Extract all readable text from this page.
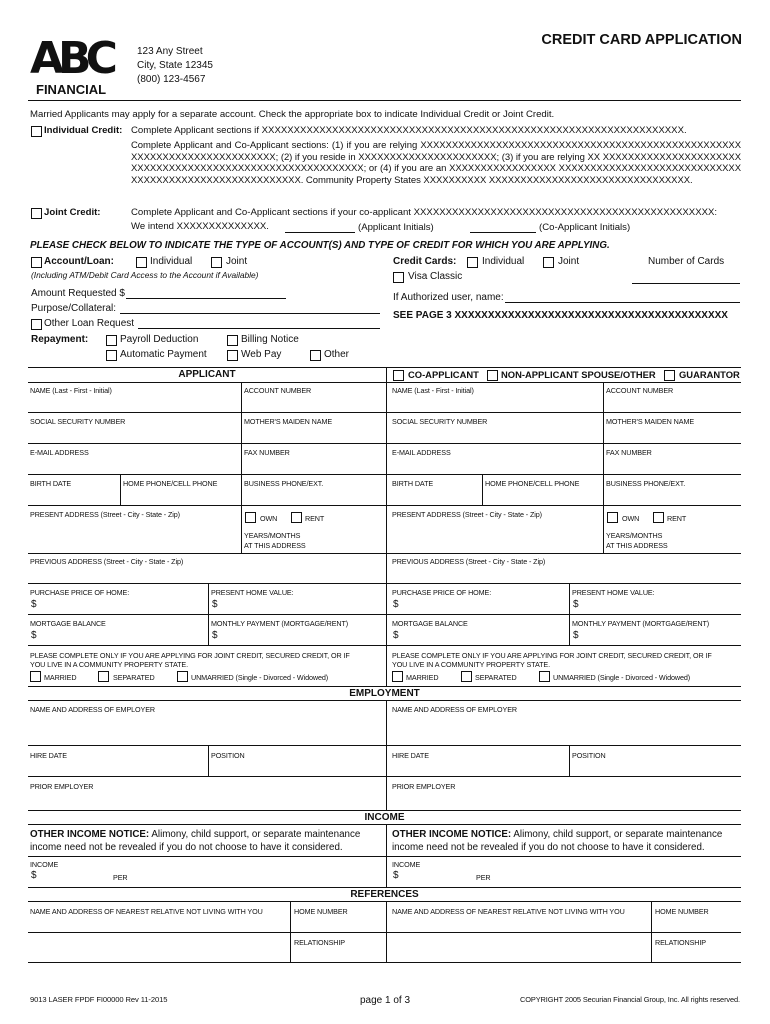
ABC
FINANCIAL
123 Any Street
City, State 12345
(800) 123-4567
CREDIT CARD APPLICATION
Married Applicants may apply for a separate account. Check the appropriate box to indicate Individual Credit or Joint Credit.
Individual Credit: Complete Applicant sections if XXXXXXXXXXXXXXXXXXXXXXXXXXXXXXXXXXXXXXXXXXXXXXXXXXXXXXXXXXXXXXXXXX.
Complete Applicant and Co-Applicant sections: (1) if you are relying XXXXXXXXXXXXXXXXXXXXXXXXXXXXXXXXXXXXXXXXXXXXXXXXXXXXXXXXXXXXXXXXXXXXXXXXXX; (2) if you reside in XXXXXXXXXXXXXXXXXXXXXX; (3) if you are relying XX XXXXXXXXXXXXXXXXXXXXXXXXXXXXXXXXXXXXXXXXXXXXXXXXXXXXXXXXXXX; or (4) if you are an XXXXXXXXXXXXXXXXX XXXXXXXXXXXXXXXXXXXXXXXXXXXXXXXXXXXXXXXXXXXXXXXXXXXXXXXX. Community Property States XXXXXXXXXX XXXXXXXXXXXXXXXXXXXXXXXXXXXXXXXX.
Joint Credit:	Complete Applicant and Co-Applicant sections if your co-applicant XXXXXXXXXXXXXXXXXXXXXXXXXXXXXXXXXXXXXXXXXXXXXXX:
We intend XXXXXXXXXXXXXX.	(Applicant Initials)	(Co-Applicant Initials)
PLEASE CHECK BELOW TO INDICATE THE TYPE OF ACCOUNT(S) AND TYPE OF CREDIT FOR WHICH YOU ARE APPLYING.
Account/Loan:	Individual	Joint
(Including ATM/Debit Card Access to the Account if Available)
Credit Cards:	Individual	Joint	Number of Cards
Visa Classic
Amount Requested $
Purpose/Collateral:
Other Loan Request
If Authorized user, name:
SEE PAGE 3 XXXXXXXXXXXXXXXXXXXXXXXXXXXXXXXXXXXXXXXXX
Repayment:	Payroll Deduction	Billing Notice
Automatic Payment	Web Pay	Other
APPLICANT	CO-APPLICANT NON-APPLICANT SPOUSE/OTHER GUARANTOR
NAME (Last - First - Initial)	ACCOUNT NUMBER
SOCIAL SECURITY NUMBER	MOTHER'S MAIDEN NAME
E-MAIL ADDRESS	FAX NUMBER
BIRTH DATE	HOME PHONE/CELL PHONE	BUSINESS PHONE/EXT.
PRESENT ADDRESS (Street - City - State - Zip)	OWN	RENT
YEARS/MONTHS
AT THIS ADDRESS
PREVIOUS ADDRESS (Street - City - State - Zip)
PURCHASE PRICE OF HOME:
$
PRESENT HOME VALUE:
$
MORTGAGE BALANCE
$
MONTHLY PAYMENT (MORTGAGE/RENT)
$
PLEASE COMPLETE ONLY IF YOU ARE APPLYING FOR JOINT CREDIT, SECURED CREDIT, OR IF
YOU LIVE IN A COMMUNITY PROPERTY STATE.
MARRIED	SEPARATED	UNMARRIED (Single - Divorced - Widowed)
NAME (Last - First - Initial)	ACCOUNT NUMBER
SOCIAL SECURITY NUMBER	MOTHER'S MAIDEN NAME
E-MAIL ADDRESS	FAX NUMBER
BIRTH DATE	HOME PHONE/CELL PHONE	BUSINESS PHONE/EXT.
PRESENT ADDRESS (Street - City - State - Zip)	OWN	RENT
YEARS/MONTHS
AT THIS ADDRESS
PREVIOUS ADDRESS (Street - City - State - Zip)
PURCHASE PRICE OF HOME:
$
PRESENT HOME VALUE:
$
MORTGAGE BALANCE
$
MONTHLY PAYMENT (MORTGAGE/RENT)
$
PLEASE COMPLETE ONLY IF YOU ARE APPLYING FOR JOINT CREDIT, SECURED CREDIT, OR IF
YOU LIVE IN A COMMUNITY PROPERTY STATE.
MARRIED	SEPARATED	UNMARRIED (Single - Divorced - Widowed)
EMPLOYMENT
NAME AND ADDRESS OF EMPLOYER	NAME AND ADDRESS OF EMPLOYER
HIRE DATE	POSITION	HIRE DATE	POSITION
PRIOR EMPLOYER	PRIOR EMPLOYER
INCOME
OTHER INCOME NOTICE: Alimony, child support, or separate maintenance
income need not be revealed if you do not choose to have it considered.
OTHER INCOME NOTICE: Alimony, child support, or separate maintenance
income need not be revealed if you do not choose to have it considered.
INCOME
$	PER
INCOME
$	PER
REFERENCES
NAME AND ADDRESS OF NEAREST RELATIVE NOT LIVING WITH YOU	HOME NUMBER
RELATIONSHIP
NAME AND ADDRESS OF NEAREST RELATIVE NOT LIVING WITH YOU	HOME NUMBER
RELATIONSHIP
9013 LASER FPDF FI00000 Rev 11-2015	page 1 of 3	COPYRIGHT 2005 Securian Financial Group, Inc. All rights reserved.
